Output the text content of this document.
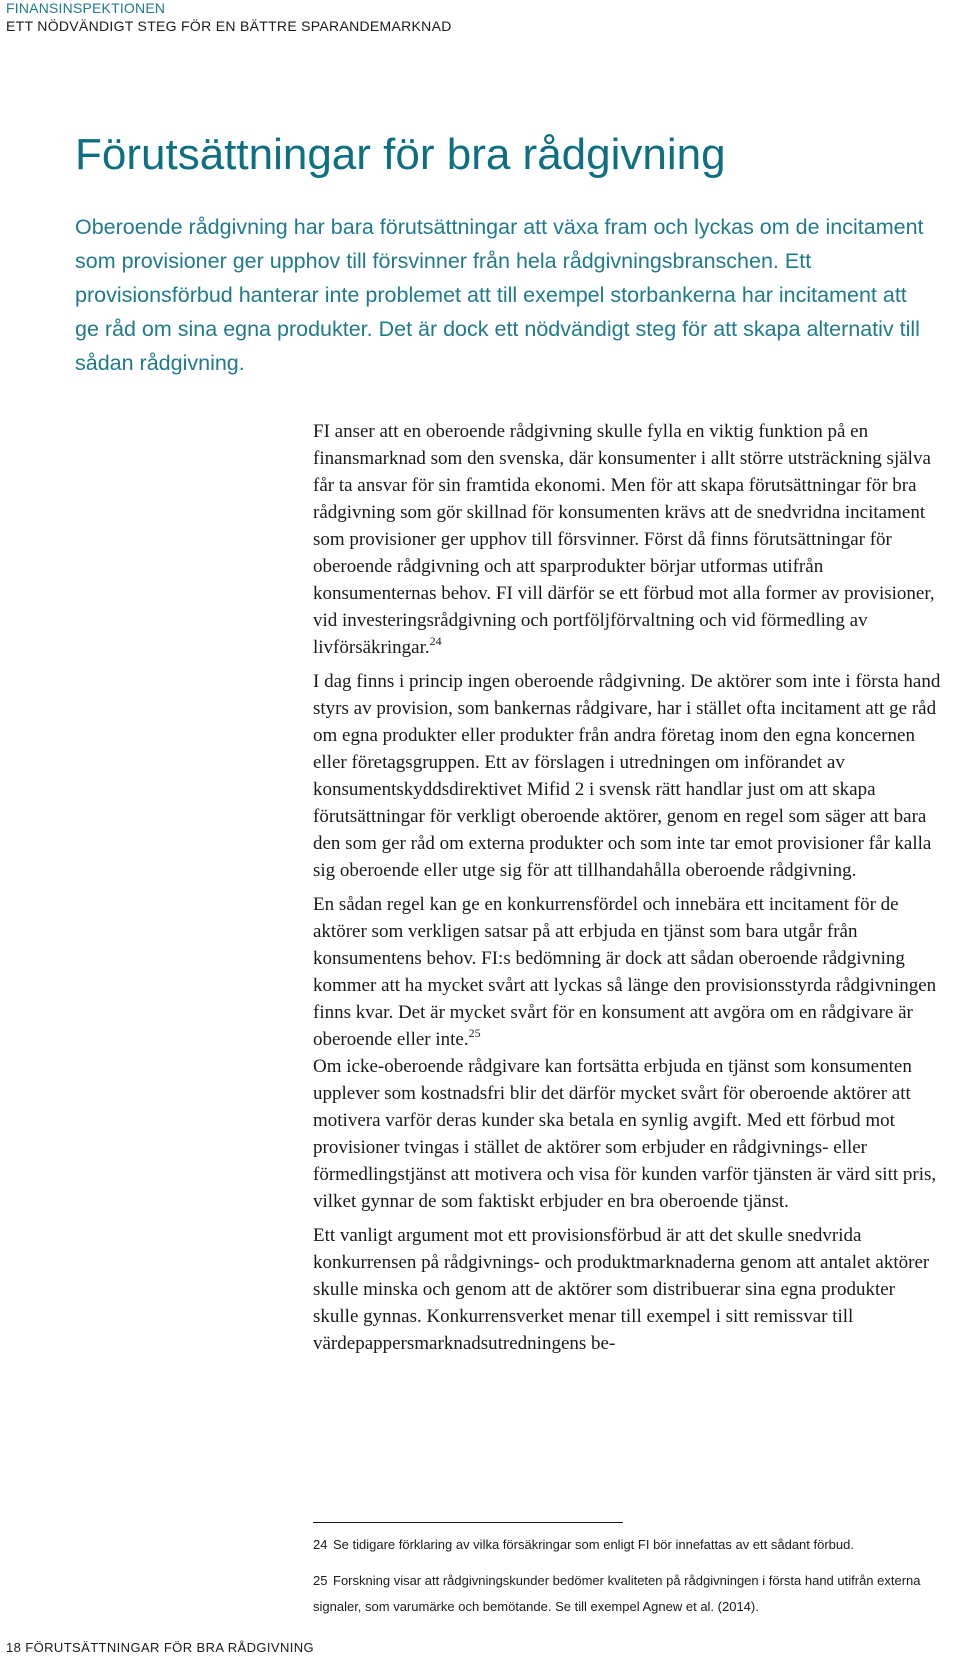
FINANSINSPEKTIONEN
ETT NÖDVÄNDIGT STEG FÖR EN BÄTTRE SPARANDEMARKNAD
Förutsättningar för bra rådgivning

Oberoende rådgivning har bara förutsättningar att växa fram och lyckas om de incitament som provisioner ger upphov till försvinner från hela rådgivningsbranschen. Ett provisionsförbud hanterar inte problemet att till exempel storbankerna har incitament att ge råd om sina egna produkter. Det är dock ett nödvändigt steg för att skapa alternativ till sådan rådgivning.

FI anser att en oberoende rådgivning skulle fylla en viktig funktion på en finansmarknad som den svenska, där konsumenter i allt större utsträckning själva får ta ansvar för sin framtida ekonomi. Men för att skapa förutsättningar för bra rådgivning som gör skillnad för konsumenten krävs att de snedvridna incitament som provisioner ger upphov till försvinner. Först då finns förutsättningar för oberoende rådgivning och att sparprodukter börjar utformas utifrån konsumenternas behov. FI vill därför se ett förbud mot alla former av provisioner, vid investeringsrådgivning och portföljförvaltning och vid förmedling av livförsäkringar.$^{24}$

I dag finns i princip ingen oberoende rådgivning. De aktörer som inte i första hand styrs av provision, som bankernas rådgivare, har i stället ofta incitament att ge råd om egna produkter eller produkter från andra företag inom den egna koncernen eller företagsgruppen. Ett av förslagen i utredningen om införandet av konsumentskyddsdirektivet Mifid 2 i svensk rätt handlar just om att skapa förutsättningar för verkligt oberoende aktörer, genom en regel som säger att bara den som ger råd om externa produkter och som inte tar emot provisioner får kalla sig oberoende eller utge sig för att tillhandahålla oberoende rådgivning.

En sådan regel kan ge en konkurrensfördel och innebära ett incitament för de aktörer som verkligen satsar på att erbjuda en tjänst som bara utgår från konsumentens behov. FI:s bedömning är dock att sådan oberoende rådgivning kommer att ha mycket svårt att lyckas så länge den provisionsstyrda rådgivningen finns kvar. Det är mycket svårt för en konsument att avgöra om en rådgivare är oberoende eller inte.$^{25}$

Om icke-oberoende rådgivare kan fortsätta erbjuda en tjänst som konsumenten upplever som kostnadsfri blir det därför mycket svårt för oberoende aktörer att motivera varför deras kunder ska betala en synlig avgift. Med ett förbud mot provisioner tvingas i stället de aktörer som erbjuder en rådgivnings- eller förmedlingstjänst att motivera och visa för kunden varför tjänsten är värd sitt pris, vilket gynnar de som faktiskt erbjuder en bra oberoende tjänst.

Ett vanligt argument mot ett provisionsförbud är att det skulle snedvrida konkurrensen på rådgivnings- och produktmarknaderna genom att antalet aktörer skulle minska och genom att de aktörer som distribuerar sina egna produkter skulle gynnas. Konkurrensverket menar till exempel i sitt remissvar till värdepappersmarknadsutredningens be-

24 Se tidigare förklaring av vilka försäkringar som enligt FI bör innefattas av ett sådant förbud.
25 Forskning visar att rådgivningskunder bedömer kvaliteten på rådgivningen i första hand utifrån externa signaler, som varumärke och bemötande. Se till exempel Agnew et al. (2014).
18 FÖRUTSÄTTNINGAR FÖR BRA RÅDGIVNING
